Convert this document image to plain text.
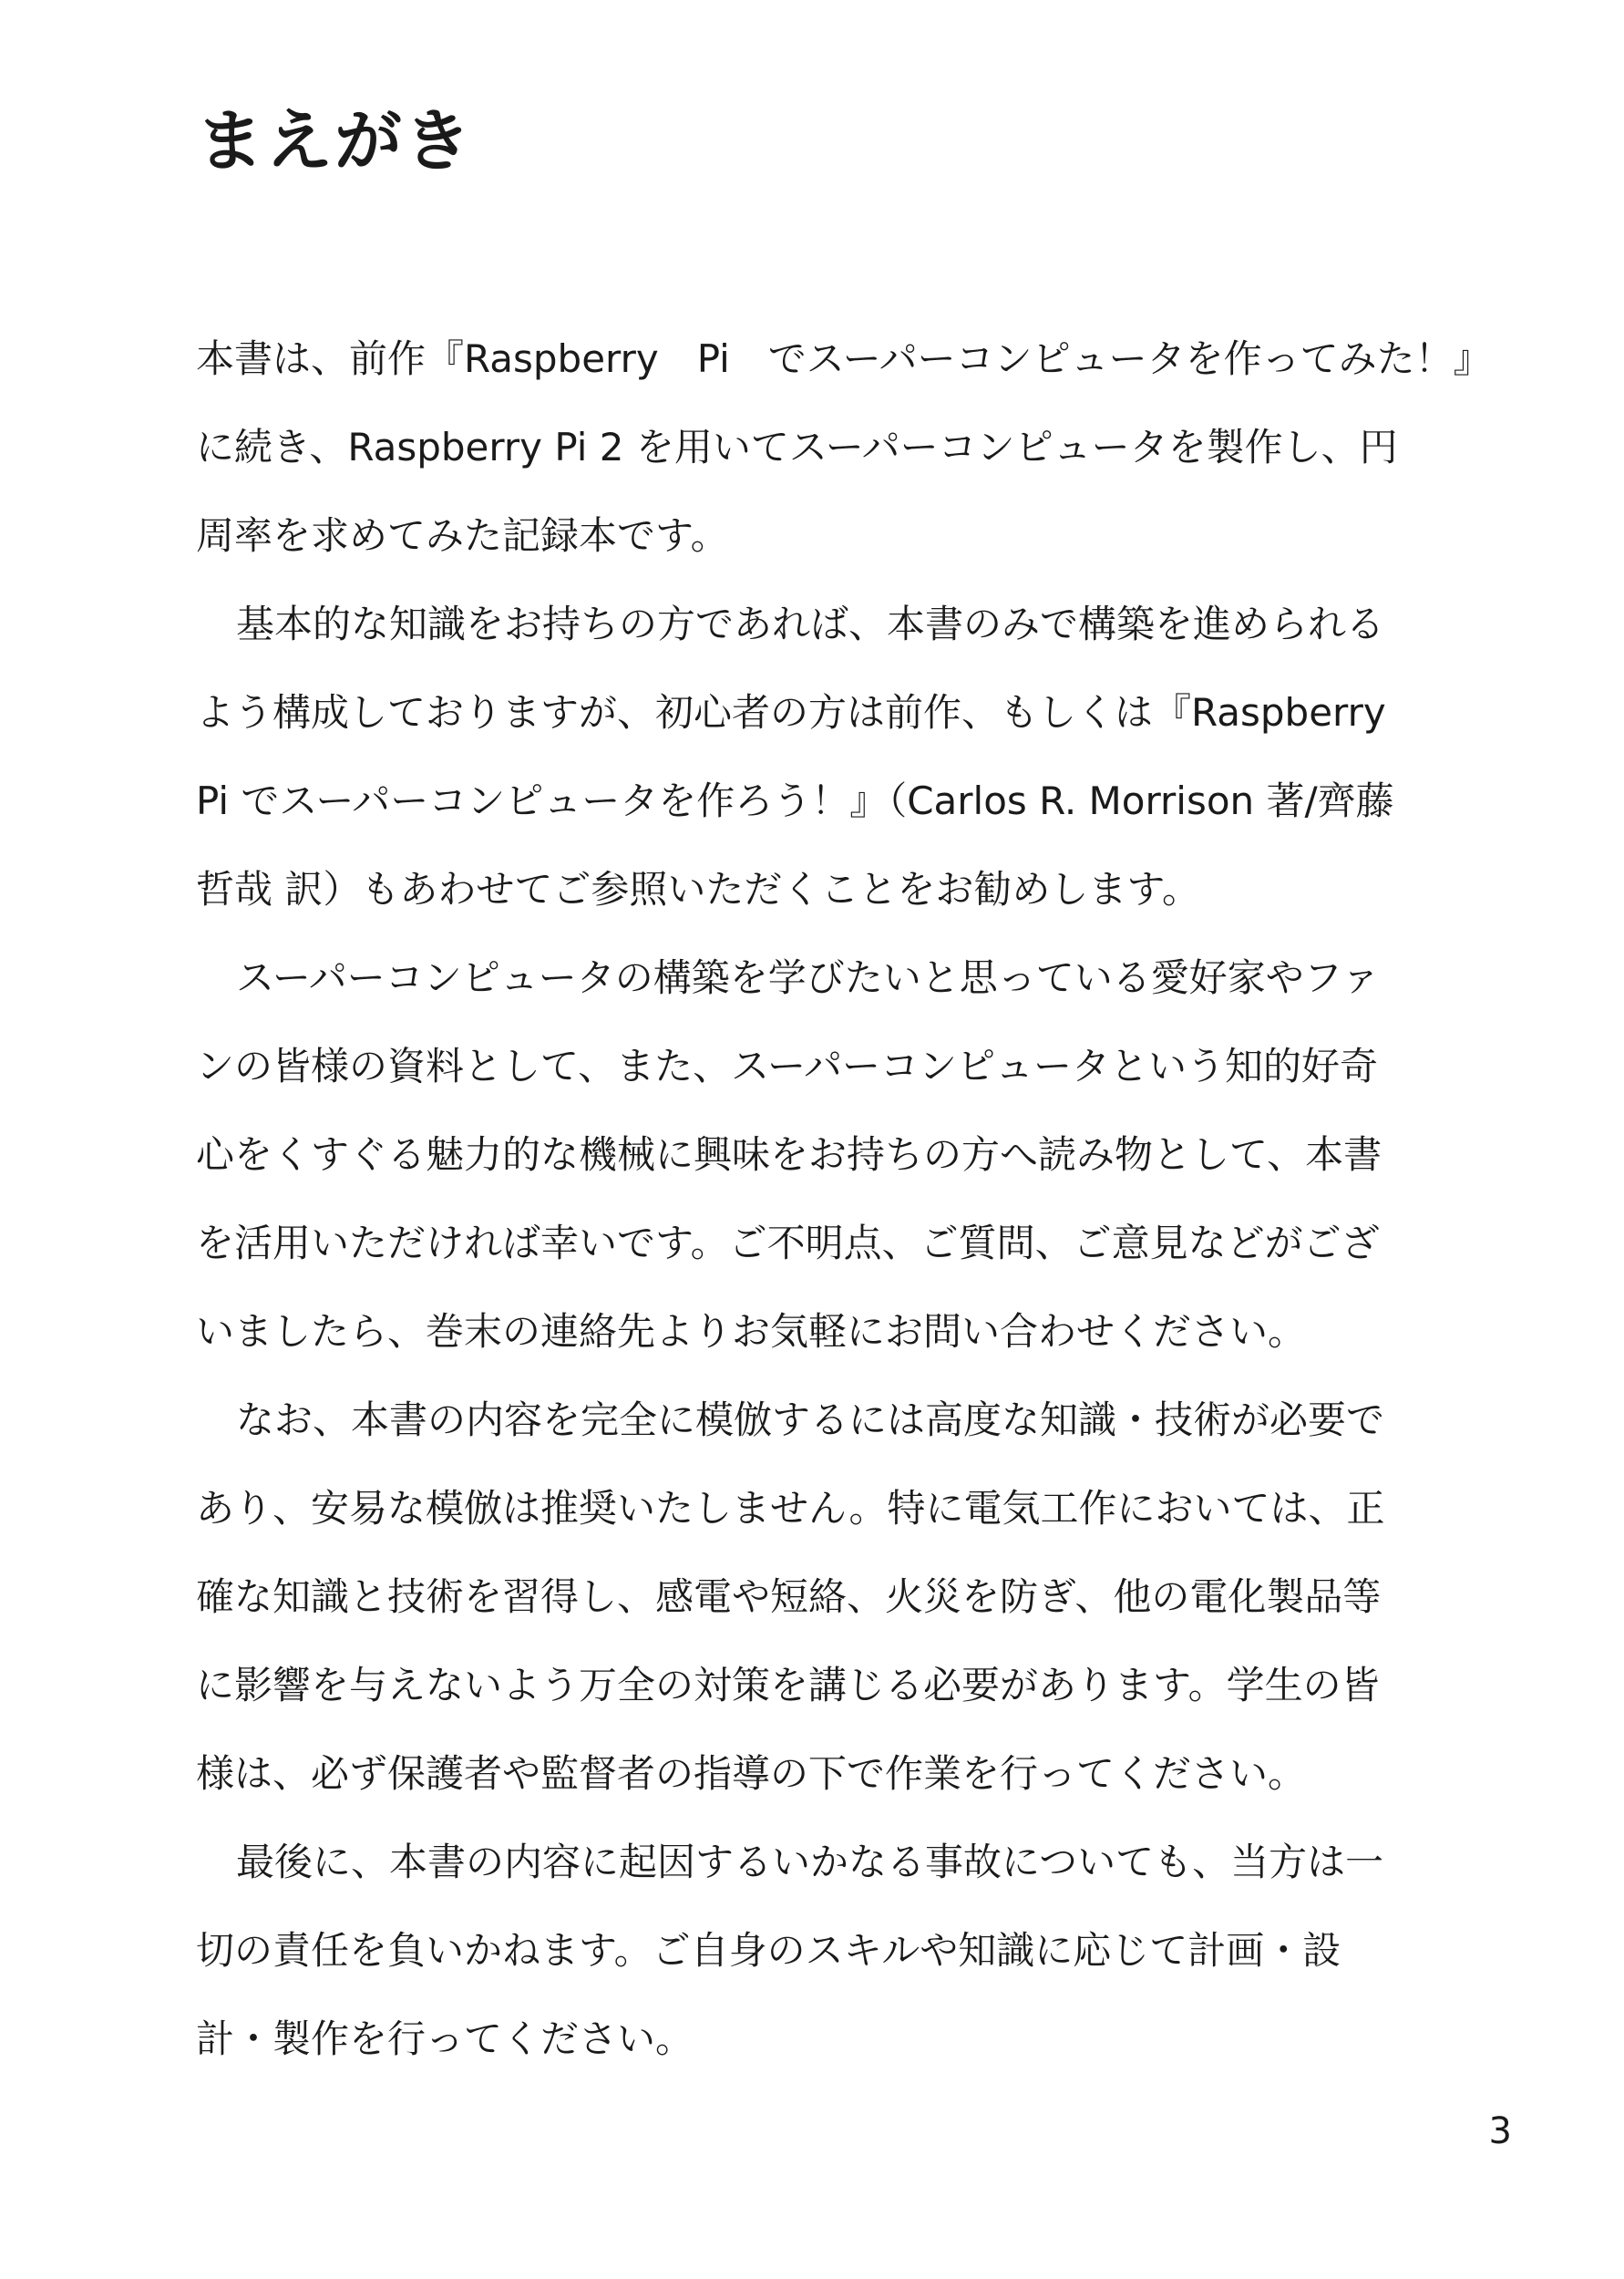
まえがき

本書は、前作『Raspberry　Pi　でスーパーコンピュータを作ってみた！』

に続き、Raspberry Pi 2 を用いてスーパーコンピュータを製作し、円

周率を求めてみた記録本です。

基本的な知識をお持ちの方であれば、本書のみで構築を進められる

よう構成しておりますが、初心者の方は前作、もしくは『Raspberry

Pi でスーパーコンピュータを作ろう！』（Carlos R. Morrison 著/齊藤

哲哉 訳）もあわせてご参照いただくことをお勧めします。

スーパーコンピュータの構築を学びたいと思っている愛好家やファ

ンの皆様の資料として、また、スーパーコンピュータという知的好奇

心をくすぐる魅力的な機械に興味をお持ちの方へ読み物として、本書

を活用いただければ幸いです。ご不明点、ご質問、ご意見などがござ

いましたら、巻末の連絡先よりお気軽にお問い合わせください。

なお、本書の内容を完全に模倣するには高度な知識・技術が必要で

あり、安易な模倣は推奨いたしません。特に電気工作においては、正

確な知識と技術を習得し、感電や短絡、火災を防ぎ、他の電化製品等

に影響を与えないよう万全の対策を講じる必要があります。学生の皆

様は、必ず保護者や監督者の指導の下で作業を行ってください。

最後に、本書の内容に起因するいかなる事故についても、当方は一

切の責任を負いかねます。ご自身のスキルや知識に応じて計画・設

計・製作を行ってください。

3
